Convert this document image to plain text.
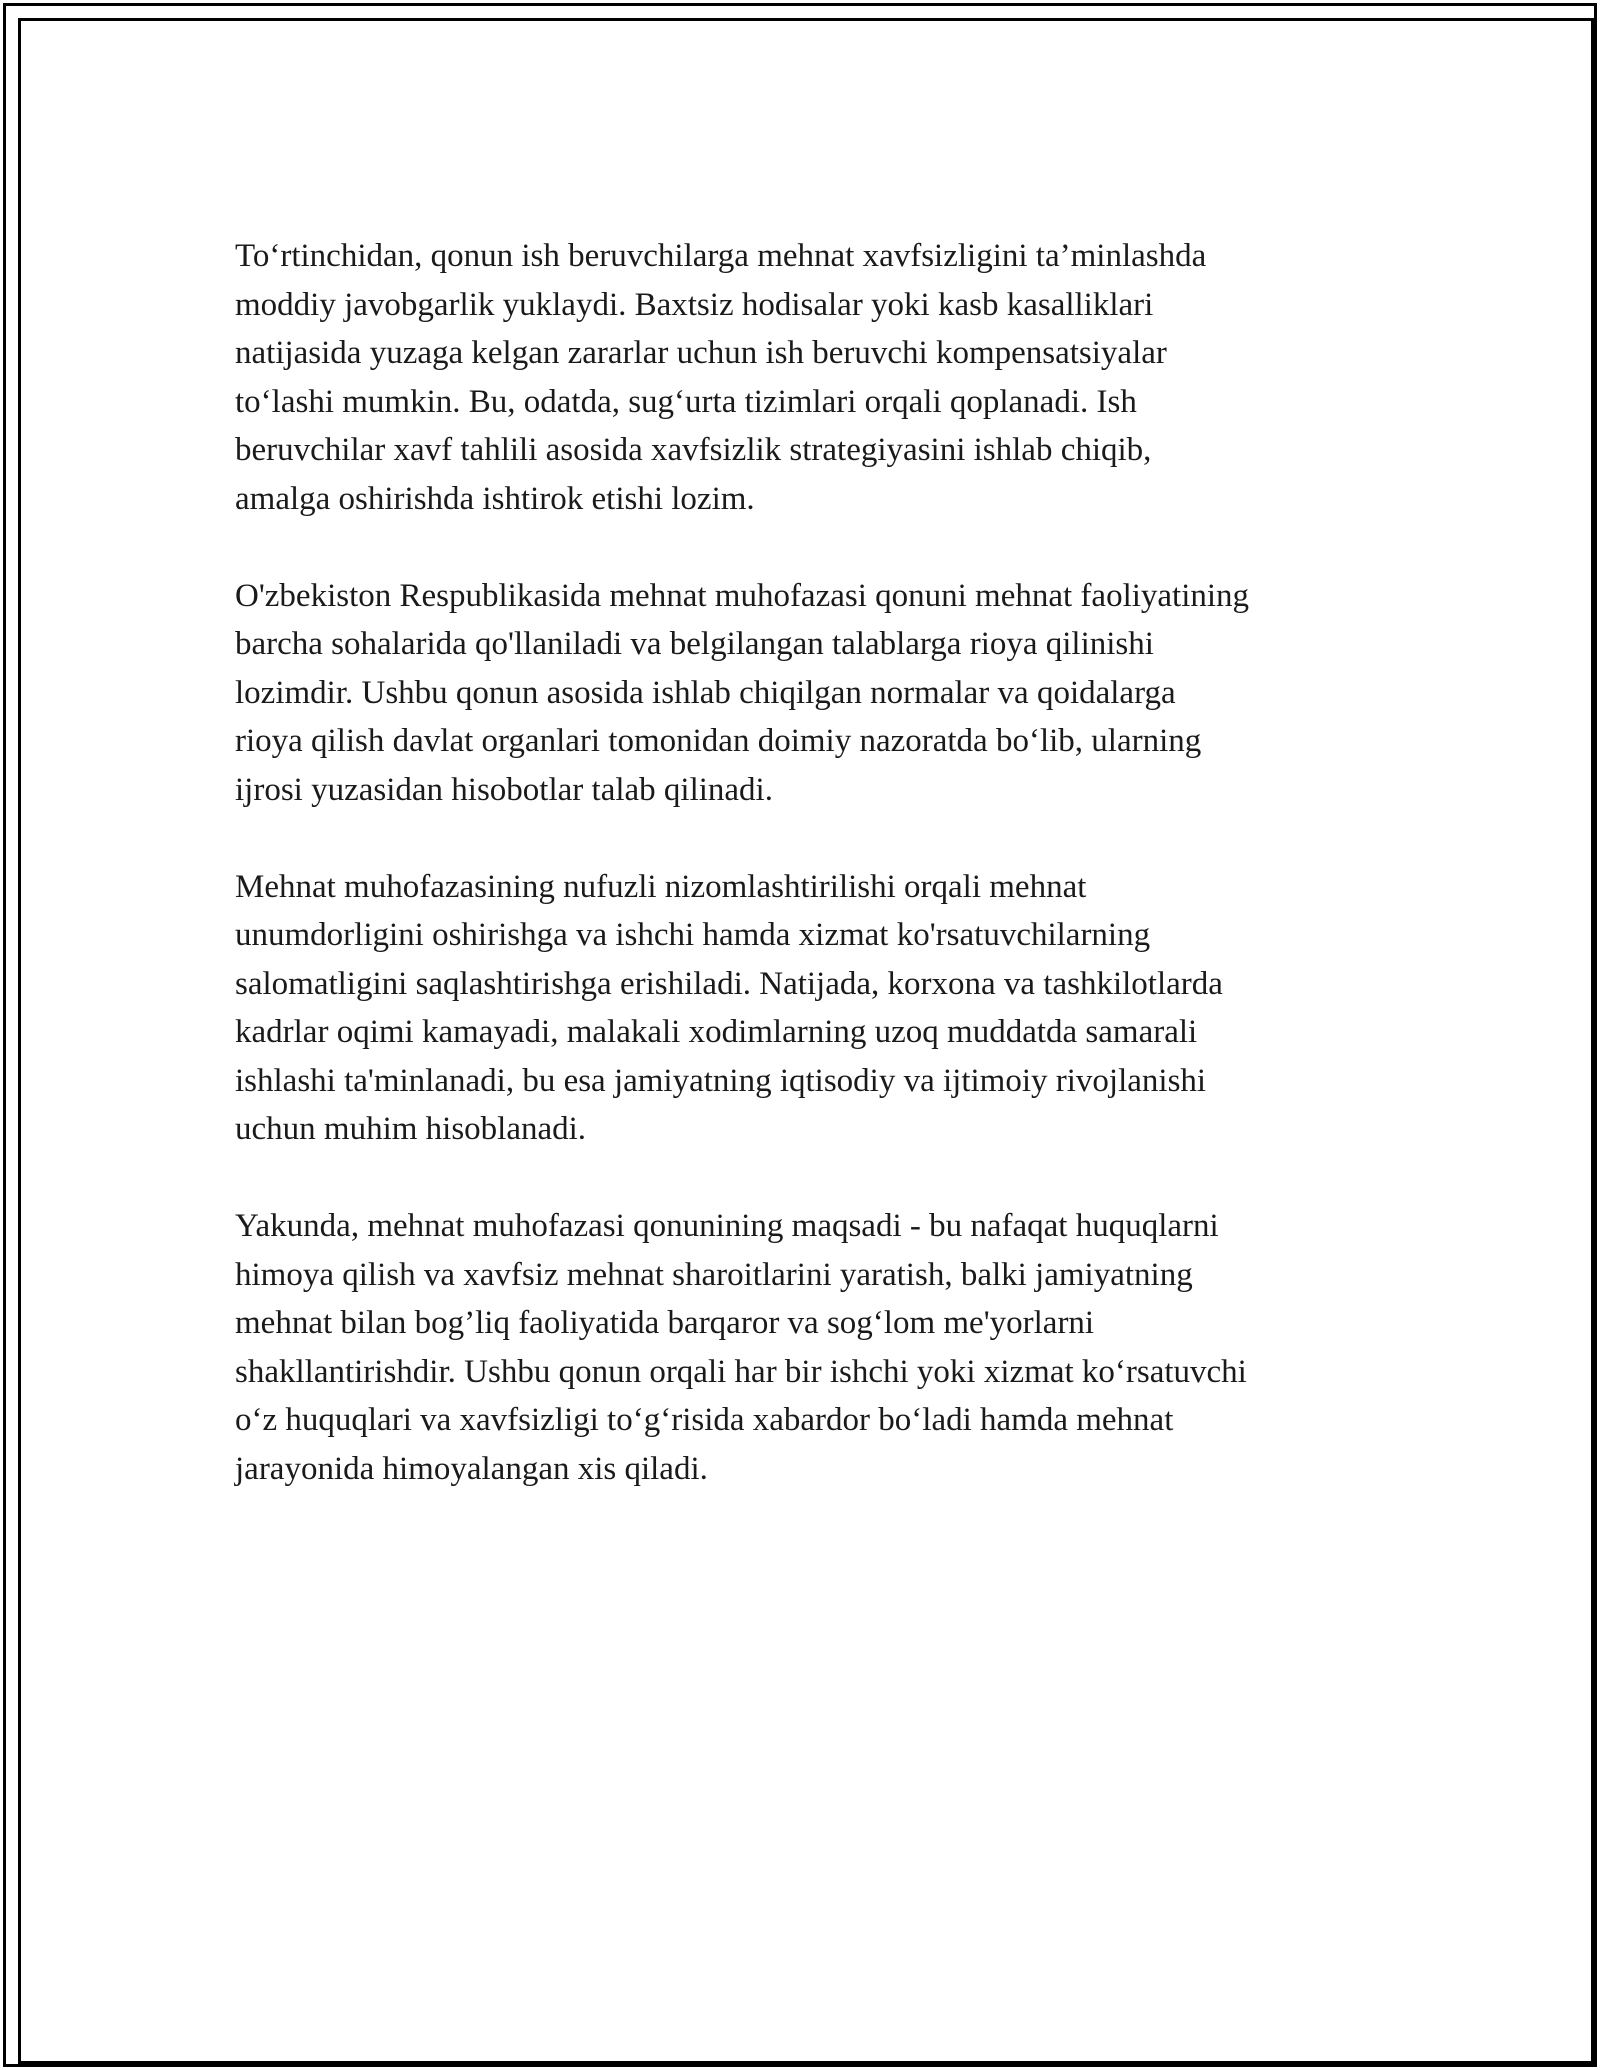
To‘rtinchidan, qonun ish beruvchilarga mehnat xavfsizligini ta’minlashda
moddiy javobgarlik yuklaydi. Baxtsiz hodisalar yoki kasb kasalliklari
natijasida yuzaga kelgan zararlar uchun ish beruvchi kompensatsiyalar
to‘lashi mumkin. Bu, odatda, sug‘urta tizimlari orqali qoplanadi. Ish
beruvchilar xavf tahlili asosida xavfsizlik strategiyasini ishlab chiqib,
amalga oshirishda ishtirok etishi lozim.

O'zbekiston Respublikasida mehnat muhofazasi qonuni mehnat faoliyatining
barcha sohalarida qo'llaniladi va belgilangan talablarga rioya qilinishi
lozimdir. Ushbu qonun asosida ishlab chiqilgan normalar va qoidalarga
rioya qilish davlat organlari tomonidan doimiy nazoratda bo‘lib, ularning
ijrosi yuzasidan hisobotlar talab qilinadi.

Mehnat muhofazasining nufuzli nizomlashtirilishi orqali mehnat
unumdorligini oshirishga va ishchi hamda xizmat ko'rsatuvchilarning
salomatligini saqlashtirishga erishiladi. Natijada, korxona va tashkilotlarda
kadrlar oqimi kamayadi, malakali xodimlarning uzoq muddatda samarali
ishlashi ta'minlanadi, bu esa jamiyatning iqtisodiy va ijtimoiy rivojlanishi
uchun muhim hisoblanadi.

Yakunda, mehnat muhofazasi qonunining maqsadi - bu nafaqat huquqlarni
himoya qilish va xavfsiz mehnat sharoitlarini yaratish, balki jamiyatning
mehnat bilan bog’liq faoliyatida barqaror va sog‘lom me'yorlarni
shakllantirishdir. Ushbu qonun orqali har bir ishchi yoki xizmat ko‘rsatuvchi
o‘z huquqlari va xavfsizligi to‘g‘risida xabardor bo‘ladi hamda mehnat
jarayonida himoyalangan xis qiladi.
